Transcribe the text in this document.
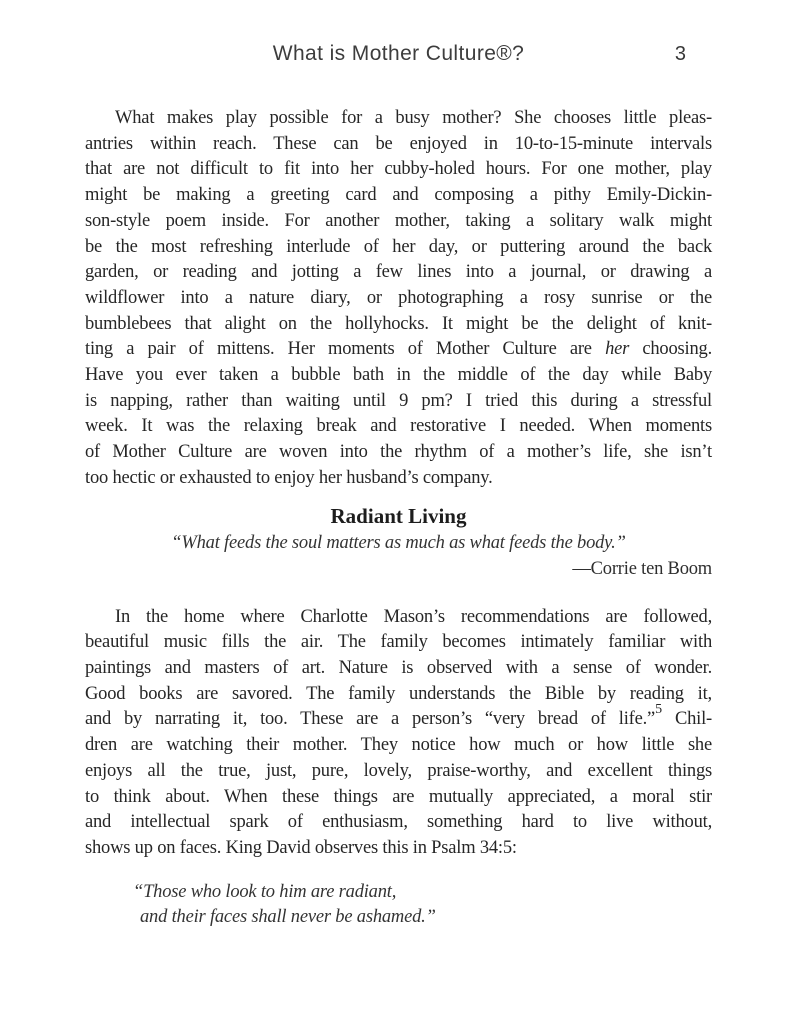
What is Mother Culture®?	3
What makes play possible for a busy mother? She chooses little pleas-
antries within reach. These can be enjoyed in 10-to-15-minute intervals
that are not difficult to fit into her cubby-holed hours. For one mother, play
might be making a greeting card and composing a pithy Emily-Dickin-
son-style poem inside. For another mother, taking a solitary walk might
be the most refreshing interlude of her day, or puttering around the back
garden, or reading and jotting a few lines into a journal, or drawing a
wildflower into a nature diary, or photographing a rosy sunrise or the
bumblebees that alight on the hollyhocks. It might be the delight of knit-
ting a pair of mittens. Her moments of Mother Culture are her choosing.
Have you ever taken a bubble bath in the middle of the day while Baby
is napping, rather than waiting until 9 pm? I tried this during a stressful
week. It was the relaxing break and restorative I needed. When moments
of Mother Culture are woven into the rhythm of a mother’s life, she isn’t
too hectic or exhausted to enjoy her husband’s company.
Radiant Living
“What feeds the soul matters as much as what feeds the body.”
—Corrie ten Boom
In the home where Charlotte Mason’s recommendations are followed,
beautiful music fills the air. The family becomes intimately familiar with
paintings and masters of art. Nature is observed with a sense of wonder.
Good books are savored. The family understands the Bible by reading it,
and by narrating it, too. These are a person’s “very bread of life.”$^5$ Chil-
dren are watching their mother. They notice how much or how little she
enjoys all the true, just, pure, lovely, praise-worthy, and excellent things
to think about. When these things are mutually appreciated, a moral stir
and intellectual spark of enthusiasm, something hard to live without,
shows up on faces. King David observes this in Psalm 34:5:
“Those who look to him are radiant,
and their faces shall never be ashamed.”
